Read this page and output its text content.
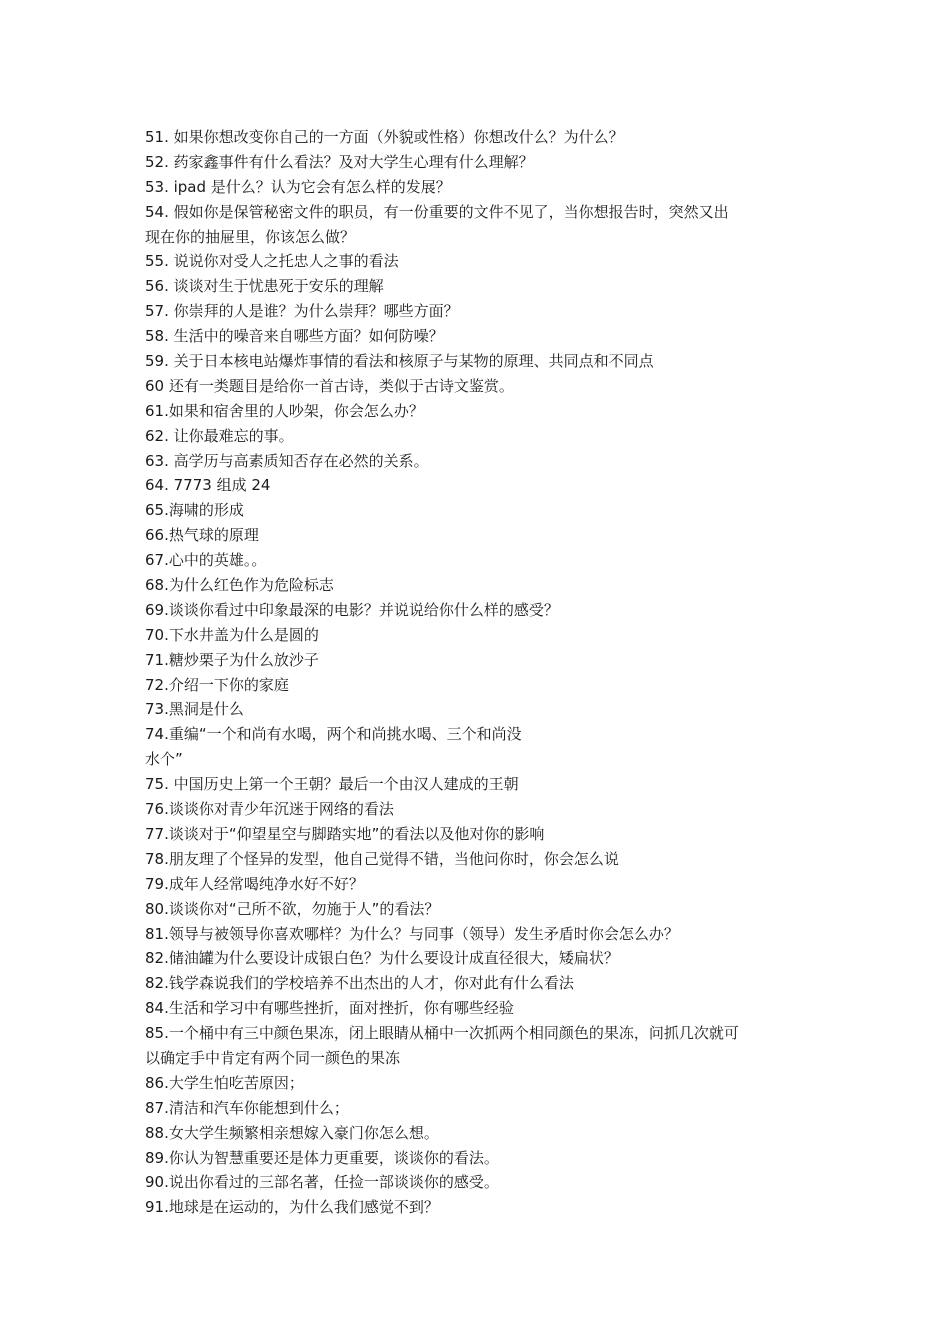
51. 如果你想改变你自己的一方面（外貌或性格）你想改什么？为什么？
52. 药家鑫事件有什么看法？及对大学生心理有什么理解？
53. ipad 是什么？认为它会有怎么样的发展？
54. 假如你是保管秘密文件的职员，有一份重要的文件不见了，当你想报告时，突然又出
现在你的抽屉里，你该怎么做？
55. 说说你对受人之托忠人之事的看法
56. 谈谈对生于忧患死于安乐的理解
57. 你崇拜的人是谁？为什么崇拜？哪些方面？
58. 生活中的噪音来自哪些方面？如何防噪？
59. 关于日本核电站爆炸事情的看法和核原子与某物的原理、共同点和不同点
60 还有一类题目是给你一首古诗，类似于古诗文鉴赏。
61.如果和宿舍里的人吵架，你会怎么办？
62. 让你最难忘的事。
63. 高学历与高素质知否存在必然的关系。
64. 7773 组成 24
65.海啸的形成
66.热气球的原理
67.心中的英雄。。
68.为什么红色作为危险标志
69.谈谈你看过中印象最深的电影？并说说给你什么样的感受？
70.下水井盖为什么是圆的
71.糖炒栗子为什么放沙子
72.介绍一下你的家庭
73.黑洞是什么
74.重编“一个和尚有水喝，两个和尚挑水喝、三个和尚没
水个”
75. 中国历史上第一个王朝？最后一个由汉人建成的王朝
76.谈谈你对青少年沉迷于网络的看法
77.谈谈对于“仰望星空与脚踏实地”的看法以及他对你的影响
78.朋友理了个怪异的发型，他自己觉得不错，当他问你时，你会怎么说
79.成年人经常喝纯净水好不好？
80.谈谈你对“己所不欲，勿施于人”的看法？
81.领导与被领导你喜欢哪样？为什么？与同事（领导）发生矛盾时你会怎么办？
82.储油罐为什么要设计成银白色？为什么要设计成直径很大，矮扁状？
82.钱学森说我们的学校培养不出杰出的人才，你对此有什么看法
84.生活和学习中有哪些挫折，面对挫折，你有哪些经验
85.一个桶中有三中颜色果冻，闭上眼睛从桶中一次抓两个相同颜色的果冻，问抓几次就可
以确定手中肯定有两个同一颜色的果冻
86.大学生怕吃苦原因；
87.清洁和汽车你能想到什么；
88.女大学生频繁相亲想嫁入豪门你怎么想。
89.你认为智慧重要还是体力更重要，谈谈你的看法。
90.说出你看过的三部名著，任捡一部谈谈你的感受。
91.地球是在运动的，为什么我们感觉不到？
